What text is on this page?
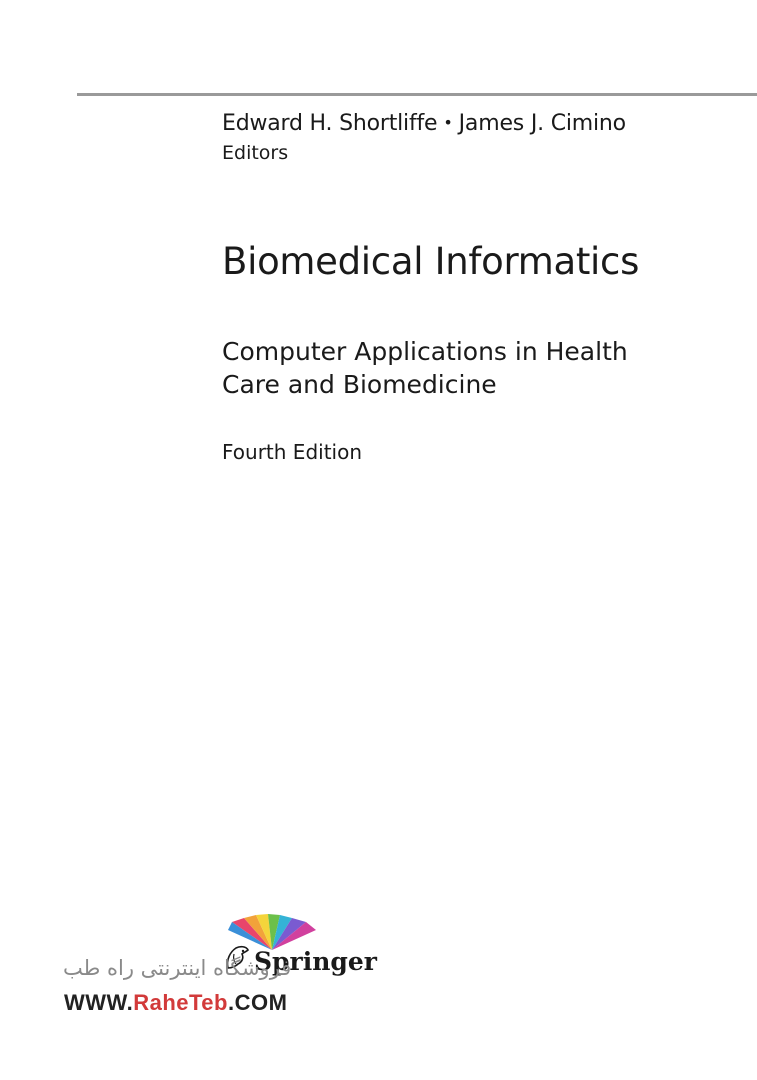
Edward H. Shortliffe • James J. Cimino
Editors
Biomedical Informatics
Computer Applications in Health
Care and Biomedicine
Fourth Edition
Springer
فروشگاه اینترنتی راه طب
WWW.RaheTeb.COM
